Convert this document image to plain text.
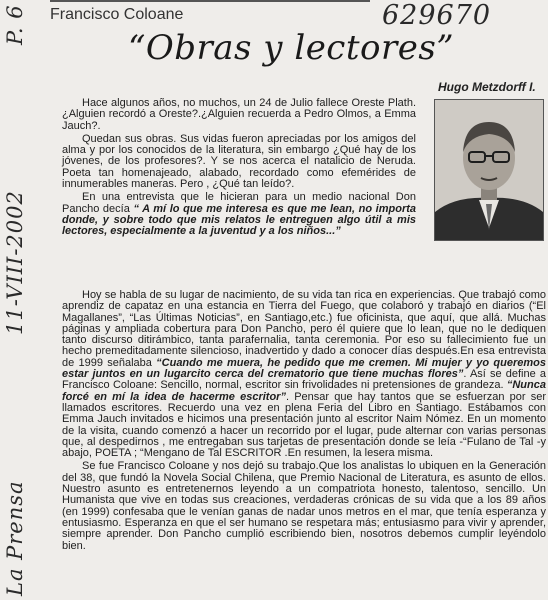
La Prensa
11-VIII-2002
P. 6	629670
Francisco Coloane
“Obras y lectores”
Hugo Metzdorff I.

Hace algunos años, no muchos, un 24 de Julio fallece Oreste Plath.¿Alguien recordó a Oreste?.¿Alguien recuerda a Pedro Olmos, a Emma Jauch?.

Quedan sus obras. Sus vidas fueron apreciadas por los amigos del alma y por los conocidos de la literatura, sin embargo ¿Qué hay de los jóvenes, de los profesores?. Y se nos acerca el natalicio de Neruda. Poeta tan homenajeado, alabado, recordado como efemérides de innumerables maneras. Pero , ¿Qué tan leído?.

En una entrevista que le hicieran para un medio nacional Don Pancho decía “ A mí lo que me interesa es que me lean, no importa donde, y sobre todo que mis relatos le entreguen algo útil a mis lectores, especialmente a la juventud y a los niños...”

Hoy se habla de su lugar de nacimiento, de su vida tan rica en experiencias. Que trabajó como aprendiz de capataz en una estancia en Tierra del Fuego, que colaboró y trabajó en diarios (“El Magallanes”, “Las Últimas Noticias”, en Santiago,etc.) fue oficinista, que aquí, que allá. Muchas páginas y ampliada cobertura para Don Pancho, pero él quiere que lo lean, que no le dediquen tanto discurso ditirámbico, tanta parafernalia, tanta ceremonia. Por eso su fallecimiento fue un hecho premeditadamente silencioso, inadvertido y dado a conocer días después.En esa entrevista de 1999 señalaba “Cuando me muera, he pedido que me cremen. Mi mujer y yo queremos estar juntos en un lugarcito cerca del crematorio que tiene muchas flores”. Así se define a Francisco Coloane: Sencillo, normal, escritor sin frivolidades ni pretensiones de grandeza. “Nunca forcé en mí la idea de hacerme escritor”. Pensar que hay tantos que se esfuerzan por ser llamados escritores. Recuerdo una vez en plena Feria del Libro en Santiago. Estábamos con Emma Jauch invitados e hicimos una presentación junto al escritor Naim Nómez. En un momento de la visita, cuando comenzó a hacer un recorrido por el lugar, pude alternar con varias personas que, al despedirnos , me entregaban sus tarjetas de presentación donde se leía -“Fulano de Tal -y abajo, POETA ; “Mengano de Tal ESCRITOR .En resumen, la lesera misma.

Se fue Francisco Coloane y nos dejó su trabajo.Que los analistas lo ubiquen en la Generación del 38, que fundó la Novela Social Chilena, que Premio Nacional de Literatura, es asunto de ellos. Nuestro asunto es entretenernos leyendo a un compatriota honesto, talentoso, sencillo. Un Humanista que vive en todas sus creaciones, verdaderas crónicas de su vida que a los 89 años (en 1999) confesaba que le venían ganas de nadar unos metros en el mar, que tenía esperanza y entusiasmo. Esperanza en que el ser humano se respetara más; entusiasmo para vivir y aprender, siempre aprender. Don Pancho cumplió escribiendo bien, nosotros debemos cumplir leyéndolo bien.
